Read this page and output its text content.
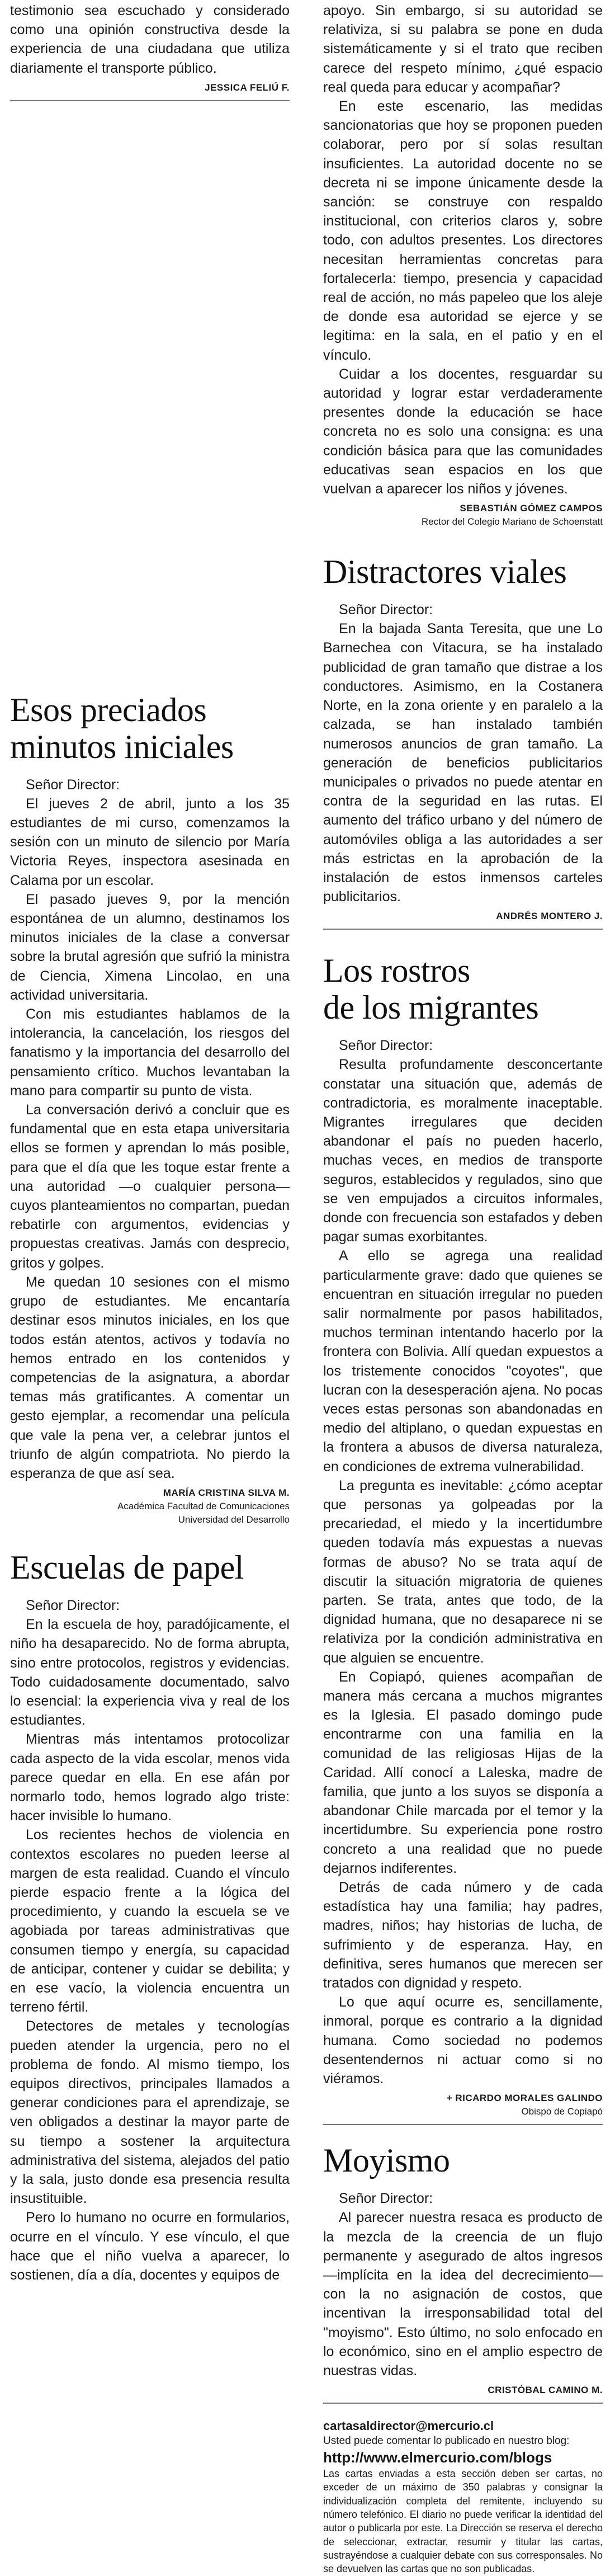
testimonio sea escuchado y considerado como una opinión constructiva desde la experiencia de una ciudadana que utiliza diariamente el transporte público.

JESSICA FELIÚ F.

Esos preciados minutos iniciales

Señor Director:

El jueves 2 de abril, junto a los 35 estudiantes de mi curso, comenzamos la sesión con un minuto de silencio por María Victoria Reyes, inspectora asesinada en Calama por un escolar.

El pasado jueves 9, por la mención espontánea de un alumno, destinamos los minutos iniciales de la clase a conversar sobre la brutal agresión que sufrió la ministra de Ciencia, Ximena Lincolao, en una actividad universitaria.

Con mis estudiantes hablamos de la intolerancia, la cancelación, los riesgos del fanatismo y la importancia del desarrollo del pensamiento crítico. Muchos levantaban la mano para compartir su punto de vista.

La conversación derivó a concluir que es fundamental que en esta etapa universitaria ellos se formen y aprendan lo más posible, para que el día que les toque estar frente a una autoridad —o cualquier persona— cuyos planteamientos no compartan, puedan rebatirle con argumentos, evidencias y propuestas creativas. Jamás con desprecio, gritos y golpes.

Me quedan 10 sesiones con el mismo grupo de estudiantes. Me encantaría destinar esos minutos iniciales, en los que todos están atentos, activos y todavía no hemos entrado en los contenidos y competencias de la asignatura, a abordar temas más gratificantes. A comentar un gesto ejemplar, a recomendar una película que vale la pena ver, a celebrar juntos el triunfo de algún compatriota. No pierdo la esperanza de que así sea.

MARÍA CRISTINA SILVA M.

Académica Facultad de Comunicaciones

Universidad del Desarrollo

Escuelas de papel

Señor Director:

En la escuela de hoy, paradójicamente, el niño ha desaparecido. No de forma abrupta, sino entre protocolos, registros y evidencias. Todo cuidadosamente documentado, salvo lo esencial: la experiencia viva y real de los estudiantes.

Mientras más intentamos protocolizar cada aspecto de la vida escolar, menos vida parece quedar en ella. En ese afán por normarlo todo, hemos logrado algo triste: hacer invisible lo humano.

Los recientes hechos de violencia en contextos escolares no pueden leerse al margen de esta realidad. Cuando el vínculo pierde espacio frente a la lógica del procedimiento, y cuando la escuela se ve agobiada por tareas administrativas que consumen tiempo y energía, su capacidad de anticipar, contener y cuidar se debilita; y en ese vacío, la violencia encuentra un terreno fértil.

Detectores de metales y tecnologías pueden atender la urgencia, pero no el problema de fondo. Al mismo tiempo, los equipos directivos, principales llamados a generar condiciones para el aprendizaje, se ven obligados a destinar la mayor parte de su tiempo a sostener la arquitectura administrativa del sistema, alejados del patio y la sala, justo donde esa presencia resulta insustituible.

Pero lo humano no ocurre en formularios, ocurre en el vínculo. Y ese vínculo, el que hace que el niño vuelva a aparecer, lo sostienen, día a día, docentes y equipos de

apoyo. Sin embargo, si su autoridad se relativiza, si su palabra se pone en duda sistemáticamente y si el trato que reciben carece del respeto mínimo, ¿qué espacio real queda para educar y acompañar?

En este escenario, las medidas sancionatorias que hoy se proponen pueden colaborar, pero por sí solas resultan insuficientes. La autoridad docente no se decreta ni se impone únicamente desde la sanción: se construye con respaldo institucional, con criterios claros y, sobre todo, con adultos presentes. Los directores necesitan herramientas concretas para fortalecerla: tiempo, presencia y capacidad real de acción, no más papeleo que los aleje de donde esa autoridad se ejerce y se legitima: en la sala, en el patio y en el vínculo.

Cuidar a los docentes, resguardar su autoridad y lograr estar verdaderamente presentes donde la educación se hace concreta no es solo una consigna: es una condición básica para que las comunidades educativas sean espacios en los que vuelvan a aparecer los niños y jóvenes.

SEBASTIÁN GÓMEZ CAMPOS

Rector del Colegio Mariano de Schoenstatt

Distractores viales

Señor Director:

En la bajada Santa Teresita, que une Lo Barnechea con Vitacura, se ha instalado publicidad de gran tamaño que distrae a los conductores. Asimismo, en la Costanera Norte, en la zona oriente y en paralelo a la calzada, se han instalado también numerosos anuncios de gran tamaño. La generación de beneficios publicitarios municipales o privados no puede atentar en contra de la seguridad en las rutas. El aumento del tráfico urbano y del número de automóviles obliga a las autoridades a ser más estrictas en la aprobación de la instalación de estos inmensos carteles publicitarios.

ANDRÉS MONTERO J.

Los rostros
de los migrantes

Señor Director:

Resulta profundamente desconcertante constatar una situación que, además de contradictoria, es moralmente inaceptable. Migrantes irregulares que deciden abandonar el país no pueden hacerlo, muchas veces, en medios de transporte seguros, establecidos y regulados, sino que se ven empujados a circuitos informales, donde con frecuencia son estafados y deben pagar sumas exorbitantes.

A ello se agrega una realidad particularmente grave: dado que quienes se encuentran en situación irregular no pueden salir normalmente por pasos habilitados, muchos terminan intentando hacerlo por la frontera con Bolivia. Allí quedan expuestos a los tristemente conocidos "coyotes", que lucran con la desesperación ajena. No pocas veces estas personas son abandonadas en medio del altiplano, o quedan expuestas en la frontera a abusos de diversa naturaleza, en condiciones de extrema vulnerabilidad.

La pregunta es inevitable: ¿cómo aceptar que personas ya golpeadas por la precariedad, el miedo y la incertidumbre queden todavía más expuestas a nuevas formas de abuso? No se trata aquí de discutir la situación migratoria de quienes parten. Se trata, antes que todo, de la dignidad humana, que no desaparece ni se relativiza por la condición administrativa en que alguien se encuentre.

En Copiapó, quienes acompañan de manera más cercana a muchos migrantes es la Iglesia. El pasado domingo pude encontrarme con una familia en la comunidad de las religiosas Hijas de la Caridad. Allí conocí a Laleska, madre de familia, que junto a los suyos se disponía a abandonar Chile marcada por el temor y la incertidumbre. Su experiencia pone rostro concreto a una realidad que no puede dejarnos indiferentes.

Detrás de cada número y de cada estadística hay una familia; hay padres, madres, niños; hay historias de lucha, de sufrimiento y de esperanza. Hay, en definitiva, seres humanos que merecen ser tratados con dignidad y respeto.

Lo que aquí ocurre es, sencillamente, inmoral, porque es contrario a la dignidad humana. Como sociedad no podemos desentendernos ni actuar como si no viéramos.

+ RICARDO MORALES GALINDO

Obispo de Copiapó

Moyismo

Señor Director:

Al parecer nuestra resaca es producto de la mezcla de la creencia de un flujo permanente y asegurado de altos ingresos —implícita en la idea del decrecimiento— con la no asignación de costos, que incentivan la irresponsabilidad total del "moyismo". Esto último, no solo enfocado en lo económico, sino en el amplio espectro de nuestras vidas.

CRISTÓBAL CAMINO M.

cartasaldirector@mercurio.cl

Usted puede comentar lo publicado en nuestro blog:

http://www.elmercurio.com/blogs

Las cartas enviadas a esta sección deben ser cartas, no exceder de un máximo de 350 palabras y consignar la individualización completa del remitente, incluyendo su número telefónico. El diario no puede verificar la identidad del autor o publicarla por este. La Dirección se reserva el derecho de seleccionar, extractar, resumir y titular las cartas, sustrayéndose a cualquier debate con sus corresponsales. No se devuelven las cartas que no son publicadas.
